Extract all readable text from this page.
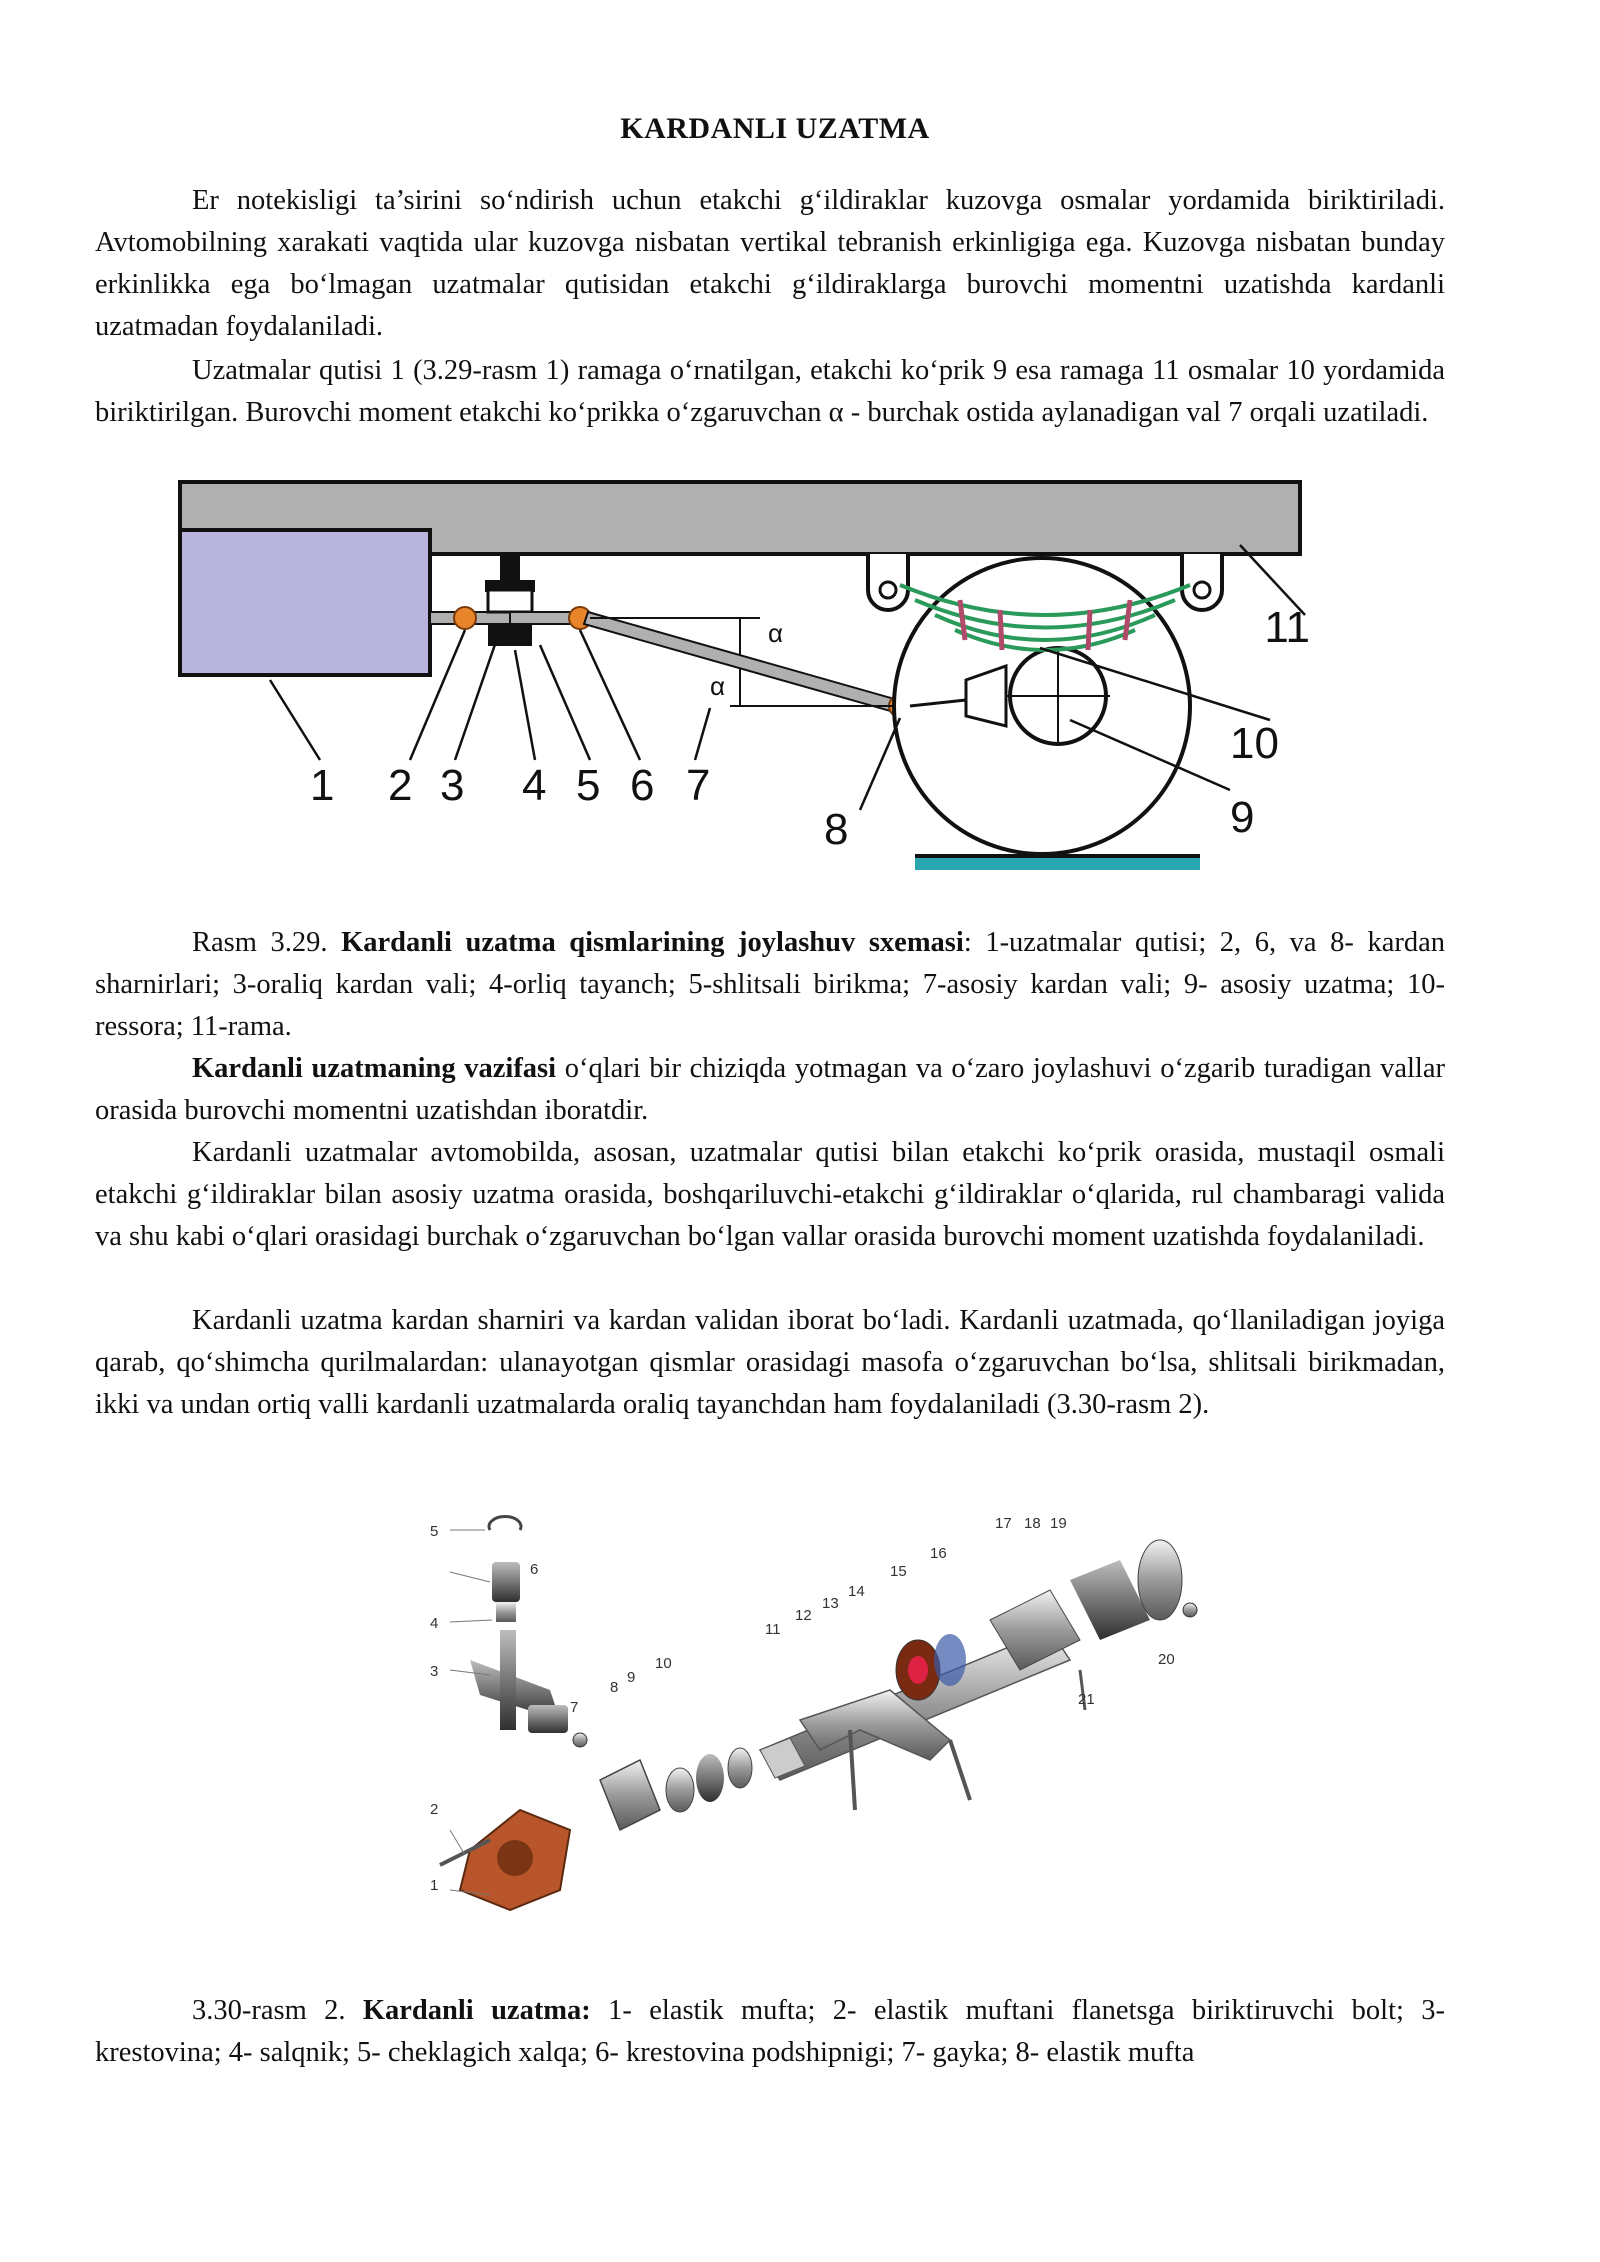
KARDANLI UZATMA

Er notekisligi ta’sirini so‘ndirish uchun etakchi g‘ildiraklar kuzovga osmalar yordamida biriktiriladi. Avtomobilning xarakati vaqtida ular kuzovga nisbatan vertikal tebranish erkinligiga ega. Kuzovga nisbatan bunday erkinlikka ega bo‘lmagan uzatmalar qutisidan etakchi g‘ildiraklarga burovchi momentni uzatishda kardanli uzatmadan foydalaniladi.

Uzatmalar qutisi 1 (3.29-rasm 1) ramaga o‘rnatilgan, etakchi ko‘prik 9 esa ramaga 11 osmalar 10 yordamida biriktirilgan. Burovchi moment etakchi ko‘prikka o‘zgaruvchan α - burchak ostida aylanadigan val 7 orqali uzatiladi.

α
α
1 2 3 4 5 6 7
8	9
10
11

Rasm 3.29. Kardanli uzatma qismlarining joylashuv sxemasi: 1-uzatmalar qutisi; 2, 6, va 8- kardan sharnirlari; 3-oraliq kardan vali; 4-orliq tayanch; 5-shlitsali birikma; 7-asosiy kardan vali; 9- asosiy uzatma; 10-ressora; 11-rama.

Kardanli uzatmaning vazifasi o‘qlari bir chiziqda yotmagan va o‘zaro joylashuvi o‘zgarib turadigan vallar orasida burovchi momentni uzatishdan iboratdir.

Kardanli uzatmalar avtomobilda, asosan, uzatmalar qutisi bilan etakchi ko‘prik orasida, mustaqil osmali etakchi g‘ildiraklar bilan asosiy uzatma orasida, boshqariluvchi-etakchi g‘ildiraklar o‘qlarida, rul chambaragi valida va shu kabi o‘qlari orasidagi burchak o‘zgaruvchan bo‘lgan vallar orasida burovchi moment uzatishda foydalaniladi.

Kardanli uzatma kardan sharniri va kardan validan iborat bo‘ladi. Kardanli uzatmada, qo‘llaniladigan joyiga qarab, qo‘shimcha qurilmalardan: ulanayotgan qismlar orasidagi masofa o‘zgaruvchan bo‘lsa, shlitsali birikmadan, ikki va undan ortiq valli kardanli uzatmalarda oraliq tayanchdan ham foydalaniladi (3.30-rasm 2).

1
2
3
4
5
6
7
8
9
10
11
12
13
14
15
16
17 18 19
20
21

3.30-rasm 2. Kardanli uzatma: 1- elastik mufta; 2- elastik muftani flanetsga biriktiruvchi bolt; 3- krestovina; 4- salqnik; 5- cheklagich xalqa; 6- krestovina podshipnigi; 7- gayka; 8- elastik mufta
